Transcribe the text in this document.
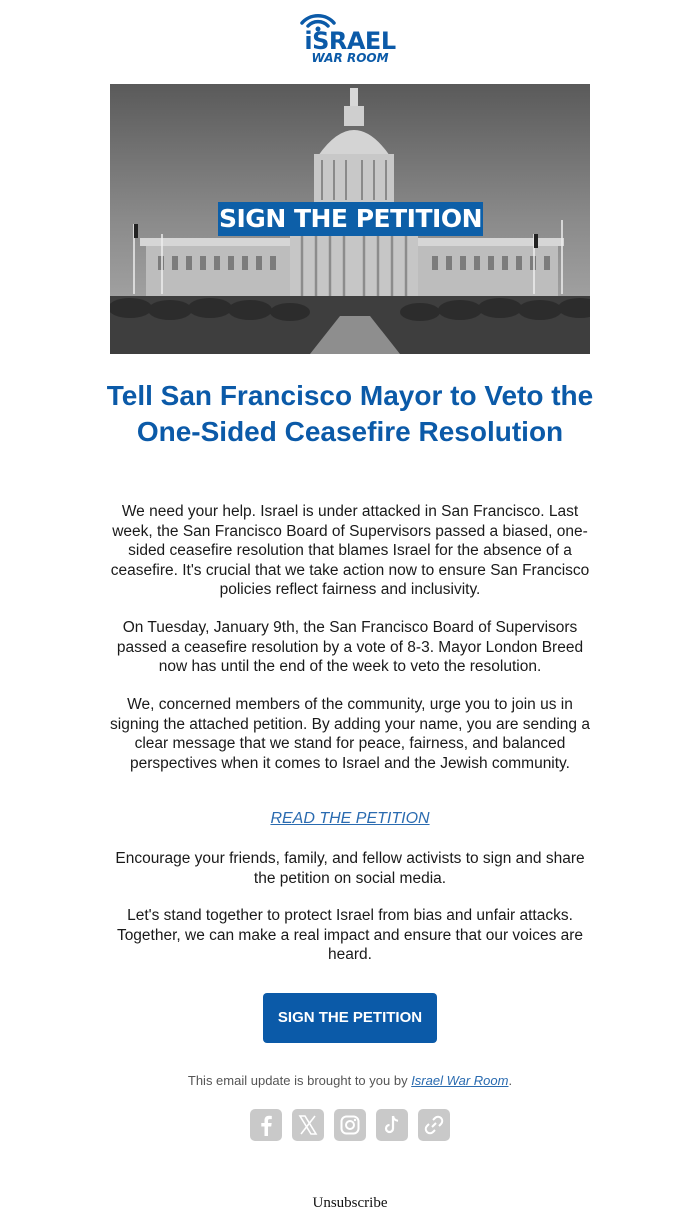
iSRAEL
WAR ROOM
SIGN THE PETITION
Tell San Francisco Mayor to Veto the One-Sided Ceasefire Resolution

We need your help. Israel is under attacked in San Francisco. Last week, the San Francisco Board of Supervisors passed a biased, one-sided ceasefire resolution that blames Israel for the absence of a ceasefire. It's crucial that we take action now to ensure San Francisco policies reflect fairness and inclusivity.

On Tuesday, January 9th, the San Francisco Board of Supervisors passed a ceasefire resolution by a vote of 8-3. Mayor London Breed now has until the end of the week to veto the resolution.

We, concerned members of the community, urge you to join us in signing the attached petition. By adding your name, you are sending a clear message that we stand for peace, fairness, and balanced perspectives when it comes to Israel and the Jewish community.

READ THE PETITION

Encourage your friends, family, and fellow activists to sign and share the petition on social media.

Let's stand together to protect Israel from bias and unfair attacks. Together, we can make a real impact and ensure that our voices are heard.

SIGN THE PETITION
This email update is brought to you by Israel War Room.
Unsubscribe
